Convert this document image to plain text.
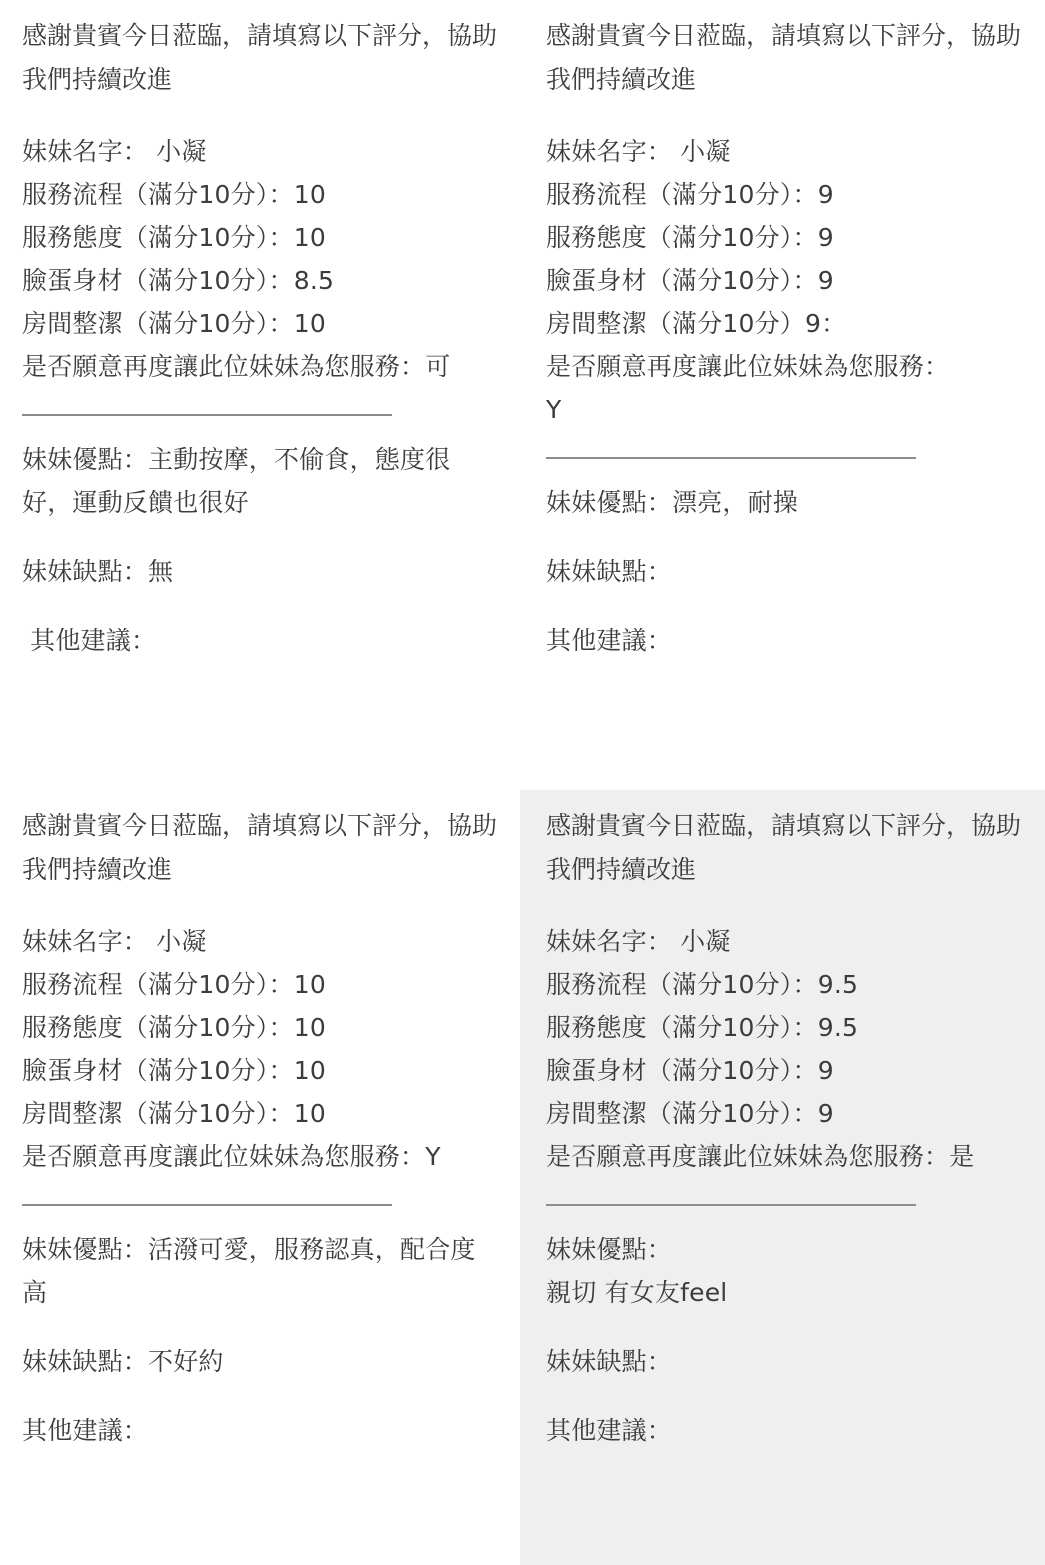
感謝貴賓今日蒞臨，請填寫以下評分，協助我們持續改進
妹妹名字： 小凝
服務流程（滿分10分）：10
服務態度（滿分10分）：10
臉蛋身材（滿分10分）：8.5
房間整潔（滿分10分）：10
是否願意再度讓此位妹妹為您服務：可
妹妹優點：主動按摩，不偷食，態度很好，運動反饋也很好
妹妹缺點：無
其他建議：
感謝貴賓今日蒞臨，請填寫以下評分，協助我們持續改進
妹妹名字： 小凝
服務流程（滿分10分）：9
服務態度（滿分10分）：9
臉蛋身材（滿分10分）：9
房間整潔（滿分10分）9：
是否願意再度讓此位妹妹為您服務：
Y
妹妹優點：漂亮，耐操
妹妹缺點：
其他建議：
感謝貴賓今日蒞臨，請填寫以下評分，協助我們持續改進
妹妹名字： 小凝
服務流程（滿分10分）：10
服務態度（滿分10分）：10
臉蛋身材（滿分10分）：10
房間整潔（滿分10分）：10
是否願意再度讓此位妹妹為您服務：Y
妹妹優點：活潑可愛，服務認真，配合度高
妹妹缺點：不好約
其他建議：
感謝貴賓今日蒞臨，請填寫以下評分，協助我們持續改進
妹妹名字： 小凝
服務流程（滿分10分）：9.5
服務態度（滿分10分）：9.5
臉蛋身材（滿分10分）：9
房間整潔（滿分10分）：9
是否願意再度讓此位妹妹為您服務：是
妹妹優點：
親切 有女友feel
妹妹缺點：
其他建議：
